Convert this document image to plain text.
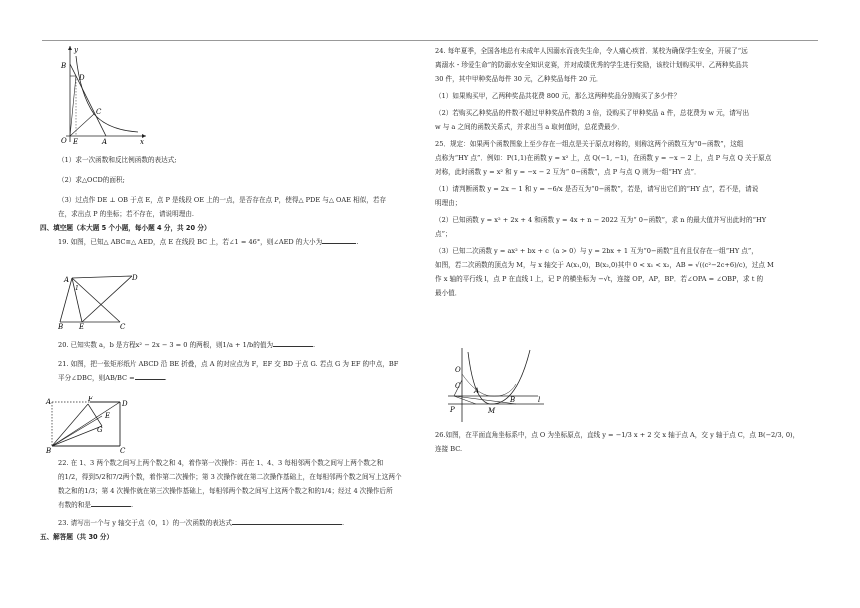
y
B
D
C
O	A
E	x

（1）求一次函数和反比例函数的表达式;

（2）求△OCD的面积;

（3）过点作 DE ⊥ OB 于点 E，点 P 是线段 OE 上的一点，是否存在点 P，使得△ PDE 与△ OAE 相似，若存

在，求出点 P 的坐标；若不存在，请说明理由.

四、填空题（本大题 5 个小题，每小题 4 分，共 20 分）

19. 如图，已知△ ABC≅△ AED，点 E 在线段 BC 上，若∠1 = 46°，则∠AED 的大小为	.

A
1
D
B E	C

20. 已知实数 a，b 是方程x² − 2x − 3 = 0 的两根，则1/a + 1/b的值为	.

21. 如图，把一张矩形纸片 ABCD 沿 BE 折叠，点 A 的对应点为 F，EF 交 BD 于点 G. 若点 G 为 EF 的中点，BF

平分∠DBC，则AB/BC =	.

A	F
D
E
G
B	C

22. 在 1、3 两个数之间写上两个数之和 4，着作第一次操作：再在 1、4、3 每相邻两个数之间写上两个数之和

的1/2，得到5/2和7/2两个数，着作第二次操作；第 3 次操作就在第二次操作基础上，在每相邻两个数之间写上这两个

数之和的1/3；第 4 次操作就在第三次操作基础上，每相邻两个数之间写上这两个数之和的1/4；经过 4 次操作后所

有数的和是	.

23. 请写出一个与 y 轴交于点（0，1）的一次函数的表达式	.

五、解答题（共 30 分）

24. 每年夏季，全国各地总有未成年人因溺水而丧失生命，令人痛心疾首．某校为确保学生安全，开展了“远

离溺水・珍爱生命”的防溺水安全知识竞赛，并对成绩优秀的学生进行奖励，该校计划购买甲、乙两种奖品共

30 件，其中甲种奖品每件 30 元，乙种奖品每件 20 元．

（1）如果购买甲，乙两种奖品共花费 800 元，那么这两种奖品分别购买了多少件？

（2）若购买乙种奖品的件数不超过甲种奖品件数的 3 倍，设购买了甲种奖品 a 件，总花费为 w 元，请写出

w 与 a 之间的函数关系式，并求出当 a 取何值时，总花费最少．

25．规定：如果两个函数图象上至少存在一组点是关于原点对称的，则称这两个函数互为“0−函数”，这组

点称为“HY 点”．例如：P(1,1)在函数 y = x² 上，点 Q(−1, −1)，在函数 y = −x − 2 上，点 P 与点 Q 关于原点

对称，此时函数 y = x² 和 y = −x − 2 互为“ 0−函数”，点 P 与点 Q 则为一组“HY 点”．

（1）请判断函数 y = 2x − 1 和 y = −6/x 是否互为“0−函数”，若是，请写出它们的“HY 点”，若不是，请说

明理由；

（2）已知函数 y = x² + 2x + 4 和函数 y = 4x + n − 2022 互为“ 0−函数”，求 n 的最大值并写出此时的“HY

点”；

（3）已知二次函数 y = ax² + bx + c（a > 0）与 y = 2bx + 1 互为“0−函数”且有且仅存在一组“HY 点”，

如图，若二次函数的顶点为 M，与 x 轴交于 A(x₁,0)，B(x₂,0)其中 0 < x₁ < x₂，AB = √((c²−2c+6)/c)，过点 M

作 x 轴的平行线 l，点 P 在直线 l 上，记 P 的横坐标为 −√t，连接 OP，AP，BP．若∠OPA = ∠OBP，求 t 的

最小值．

O
C
P	M
A
B	l

26.如图，在平面直角坐标系中，点 O 为坐标原点，直线 y = −1/3 x + 2 交 x 轴于点 A，交 y 轴于点 C，点 B(−2/3, 0)，

连接 BC.
